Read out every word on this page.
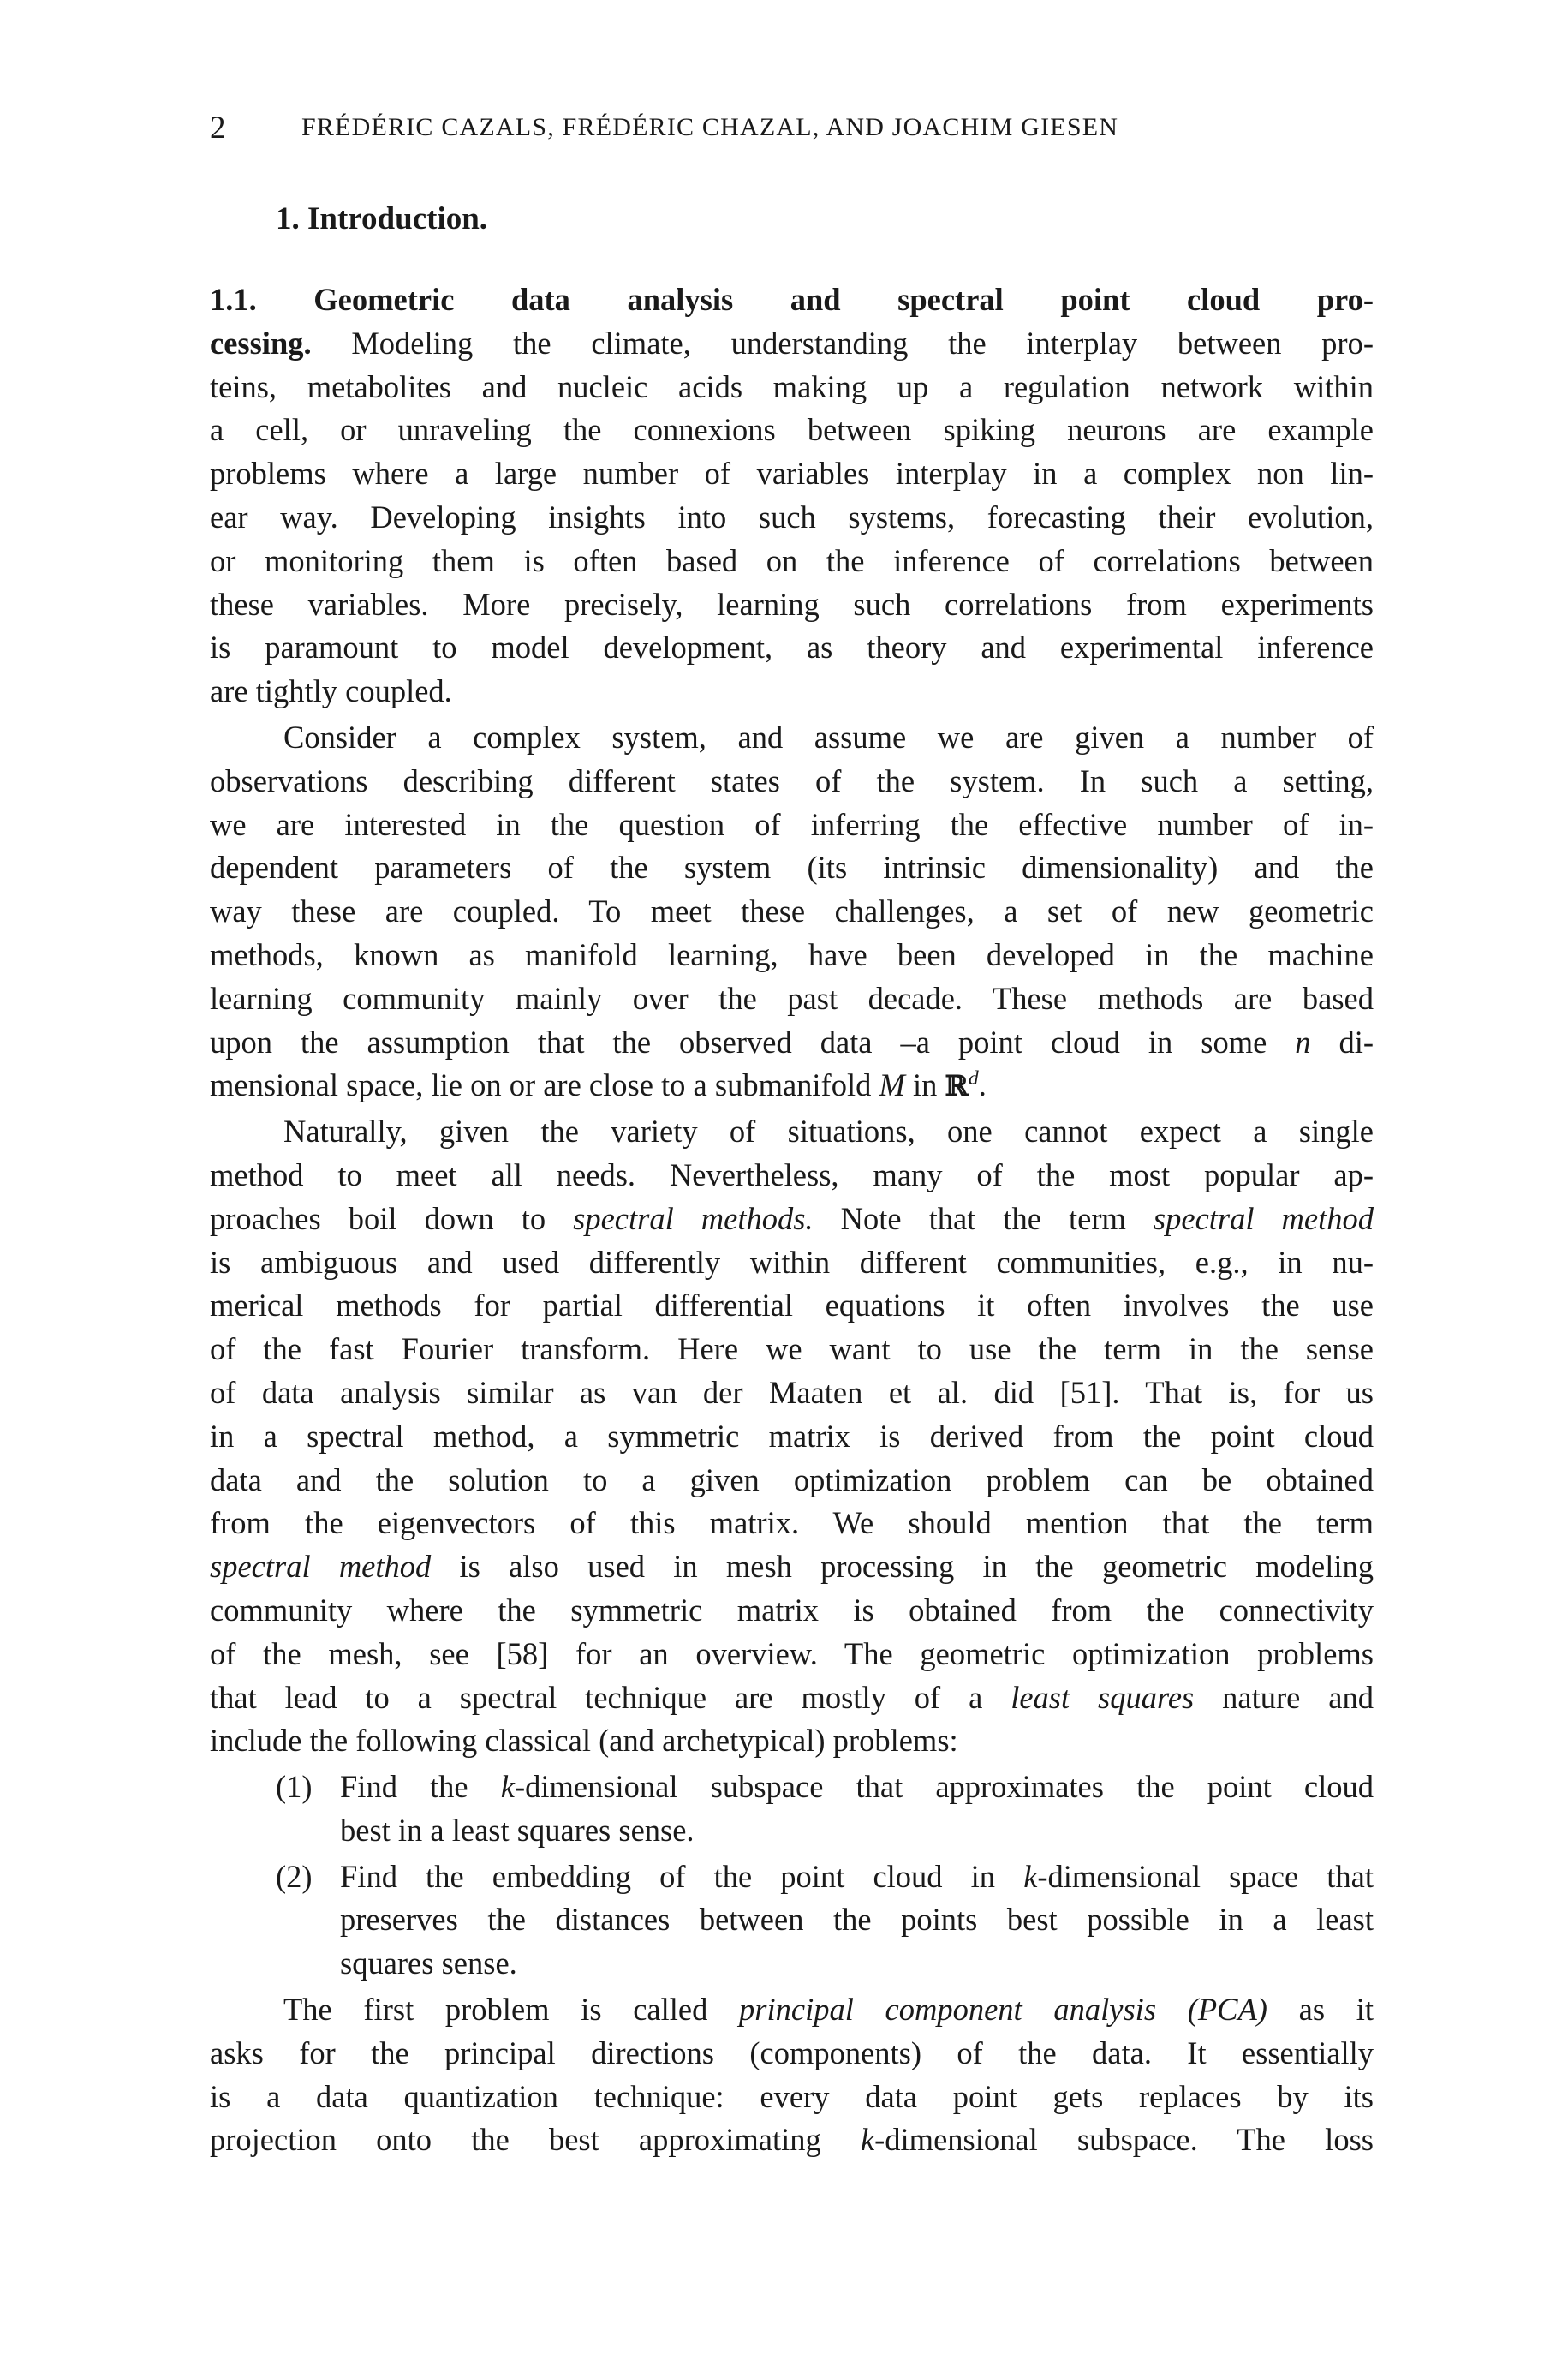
2	FRÉDÉRIC CAZALS, FRÉDÉRIC CHAZAL, AND JOACHIM GIESEN
1. Introduction.
1.1. Geometric data analysis and spectral point cloud pro-
cessing. Modeling the climate, understanding the interplay between pro-
teins, metabolites and nucleic acids making up a regulation network within
a cell, or unraveling the connexions between spiking neurons are example
problems where a large number of variables interplay in a complex non lin-
ear way. Developing insights into such systems, forecasting their evolution,
or monitoring them is often based on the inference of correlations between
these variables. More precisely, learning such correlations from experiments
is paramount to model development, as theory and experimental inference
are tightly coupled.
Consider a complex system, and assume we are given a number of
observations describing different states of the system. In such a setting,
we are interested in the question of inferring the effective number of in-
dependent parameters of the system (its intrinsic dimensionality) and the
way these are coupled. To meet these challenges, a set of new geometric
methods, known as manifold learning, have been developed in the machine
learning community mainly over the past decade. These methods are based
upon the assumption that the observed data –a point cloud in some n di-
mensional space, lie on or are close to a submanifold M in ℝ$^d$.
Naturally, given the variety of situations, one cannot expect a single
method to meet all needs. Nevertheless, many of the most popular ap-
proaches boil down to spectral methods. Note that the term spectral method
is ambiguous and used differently within different communities, e.g., in nu-
merical methods for partial differential equations it often involves the use
of the fast Fourier transform. Here we want to use the term in the sense
of data analysis similar as van der Maaten et al. did [51]. That is, for us
in a spectral method, a symmetric matrix is derived from the point cloud
data and the solution to a given optimization problem can be obtained
from the eigenvectors of this matrix. We should mention that the term
spectral method is also used in mesh processing in the geometric modeling
community where the symmetric matrix is obtained from the connectivity
of the mesh, see [58] for an overview. The geometric optimization problems
that lead to a spectral technique are mostly of a least squares nature and
include the following classical (and archetypical) problems:
(1) Find the k-dimensional subspace that approximates the point cloud
best in a least squares sense.
(2) Find the embedding of the point cloud in k-dimensional space that
preserves the distances between the points best possible in a least
squares sense.
The first problem is called principal component analysis (PCA) as it
asks for the principal directions (components) of the data. It essentially
is a data quantization technique: every data point gets replaces by its
projection onto the best approximating k-dimensional subspace. The loss
